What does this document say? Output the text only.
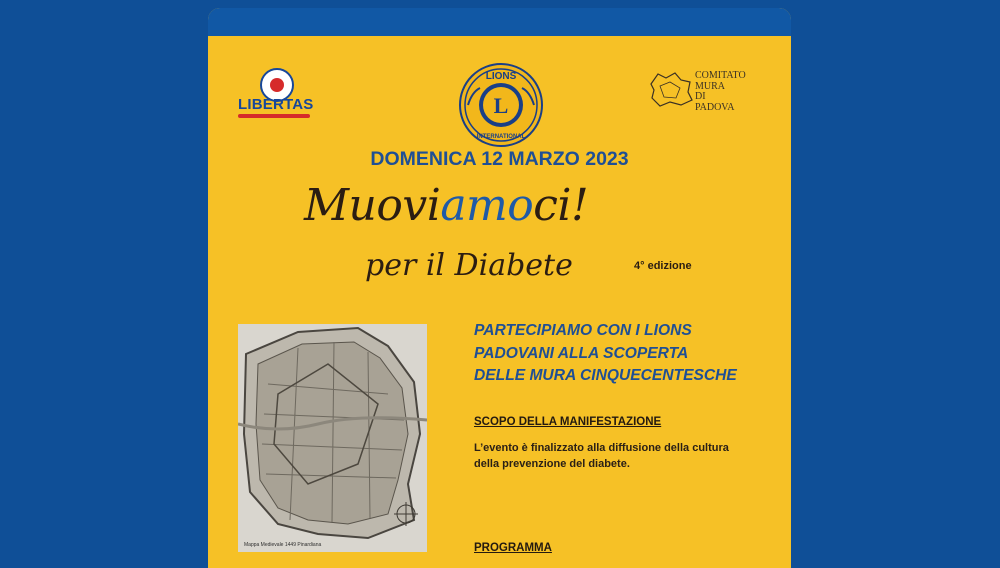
LIBERTAS	L
LIONS
INTERNATIONAL
COMITATO
MURA
DI
PADOVA
DOMENICA 12 MARZO 2023
Muoviamoci!
per il Diabete	4° edizione
Mappa Medievale 1449 Pinardiana
PARTECIPIAMO CON I LIONS
PADOVANI ALLA SCOPERTA
DELLE MURA CINQUECENTESCHE
SCOPO DELLA MANIFESTAZIONE
L’evento è finalizzato alla diffusione della cultura
della prevenzione del diabete.
PROGRAMMA
